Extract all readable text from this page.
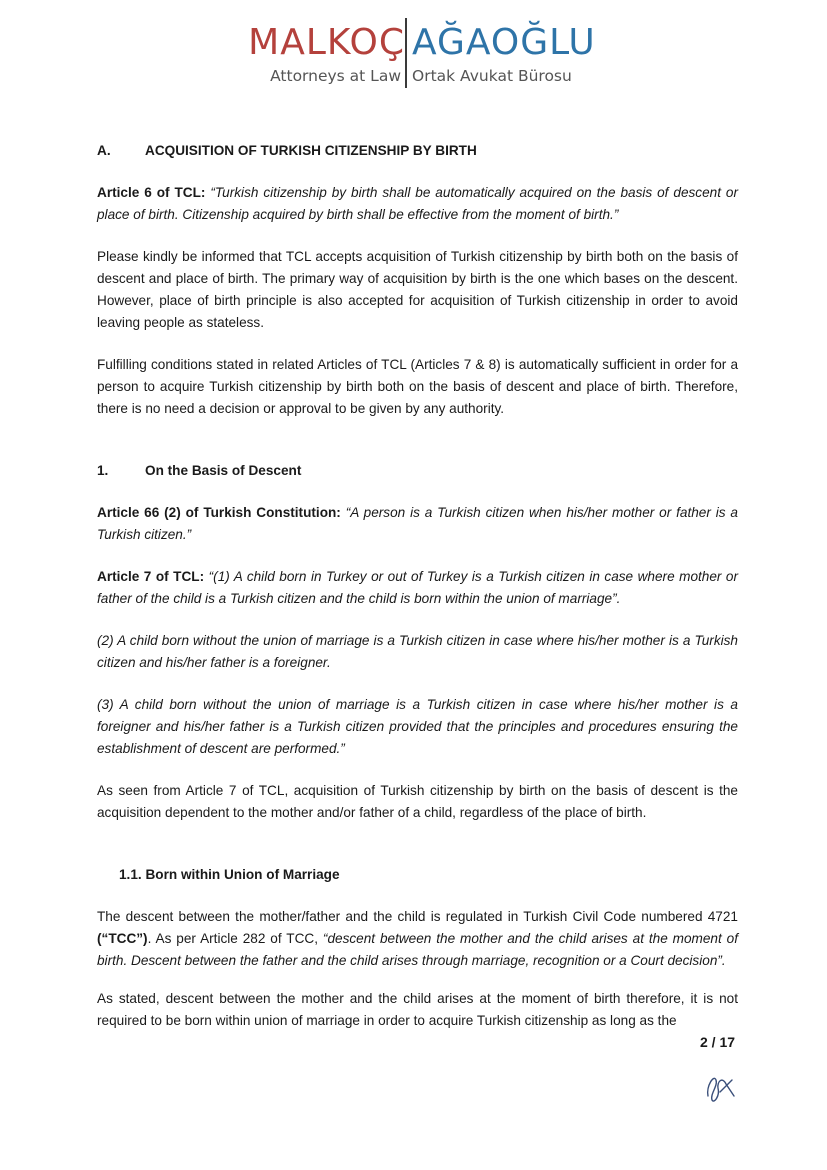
MALKOÇ AĞAOĞLU
Attorneys at Law Ortak Avukat Bürosu

A.	ACQUISITION OF TURKISH CITIZENSHIP BY BIRTH

Article 6 of TCL: “Turkish citizenship by birth shall be automatically acquired on the basis of descent or place of birth. Citizenship acquired by birth shall be effective from the moment of birth.”

Please kindly be informed that TCL accepts acquisition of Turkish citizenship by birth both on the basis of descent and place of birth. The primary way of acquisition by birth is the one which bases on the descent. However, place of birth principle is also accepted for acquisition of Turkish citizenship in order to avoid leaving people as stateless.

Fulfilling conditions stated in related Articles of TCL (Articles 7 & 8) is automatically sufficient in order for a person to acquire Turkish citizenship by birth both on the basis of descent and place of birth. Therefore, there is no need a decision or approval to be given by any authority.

1.	On the Basis of Descent

Article 66 (2) of Turkish Constitution: “A person is a Turkish citizen when his/her mother or father is a Turkish citizen.”

Article 7 of TCL: “(1) A child born in Turkey or out of Turkey is a Turkish citizen in case where mother or father of the child is a Turkish citizen and the child is born within the union of marriage”.

(2) A child born without the union of marriage is a Turkish citizen in case where his/her mother is a Turkish citizen and his/her father is a foreigner.

(3) A child born without the union of marriage is a Turkish citizen in case where his/her mother is a foreigner and his/her father is a Turkish citizen provided that the principles and procedures ensuring the establishment of descent are performed.”

As seen from Article 7 of TCL, acquisition of Turkish citizenship by birth on the basis of descent is the acquisition dependent to the mother and/or father of a child, regardless of the place of birth.

1.1. Born within Union of Marriage

The descent between the mother/father and the child is regulated in Turkish Civil Code numbered 4721 (“TCC”). As per Article 282 of TCC, “descent between the mother and the child arises at the moment of birth. Descent between the father and the child arises through marriage, recognition or a Court decision”.

As stated, descent between the mother and the child arises at the moment of birth therefore, it is not required to be born within union of marriage in order to acquire Turkish citizenship as long as the

2 / 17
